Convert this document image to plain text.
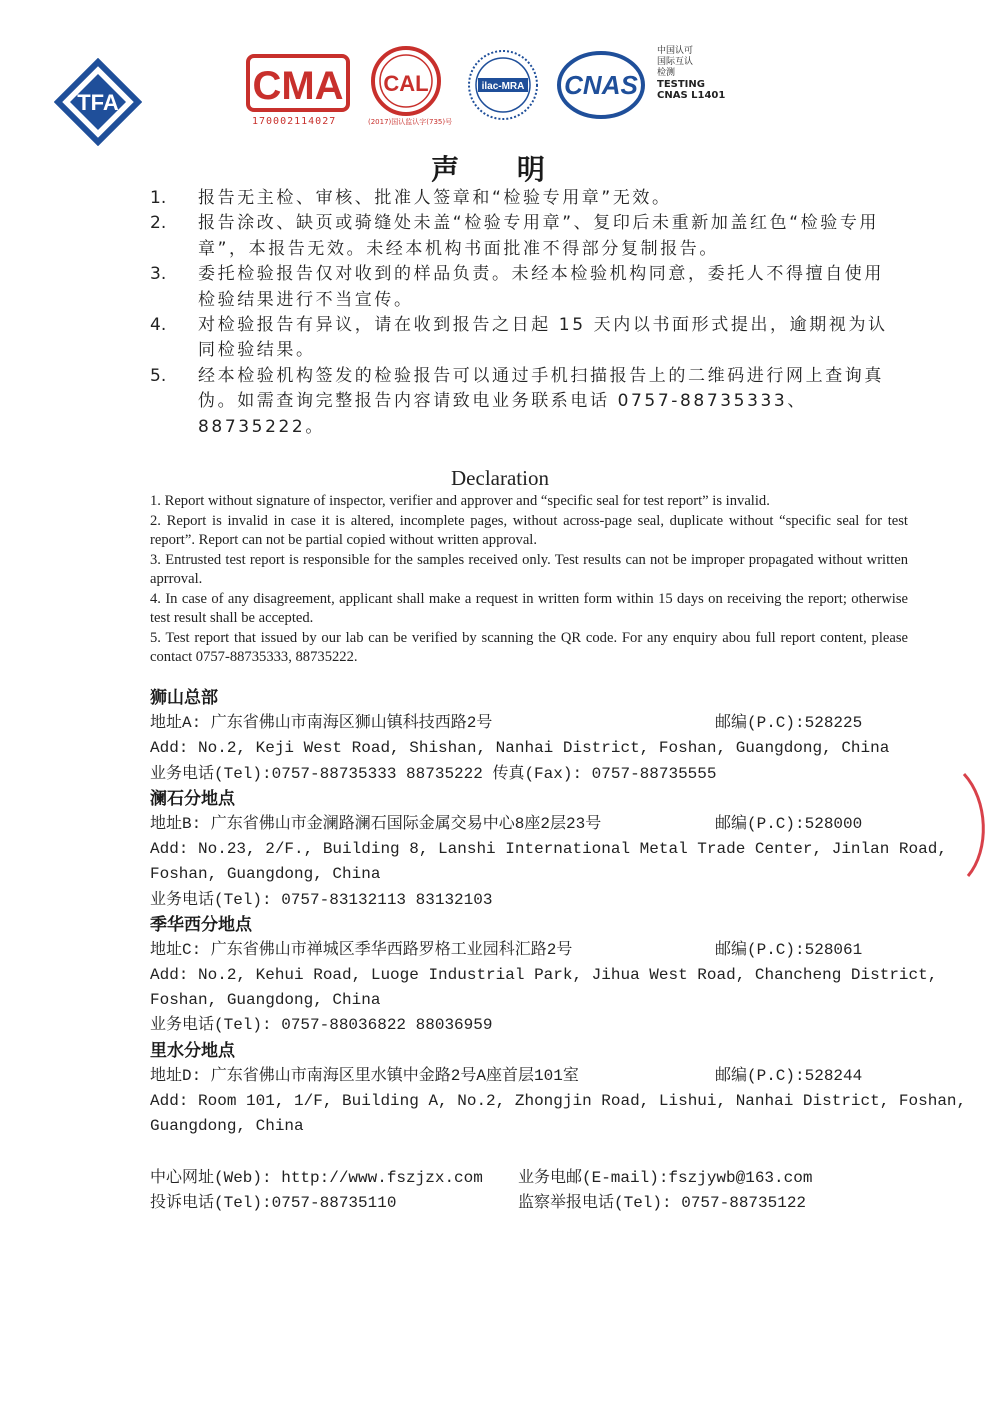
TFA	CMA
170002114027
CAL
(2017)国认监认字(735)号
ilac-MRA CNAS
中国认可
国际互认
检测
TESTING
CNAS L1401
声 明
1. 报告无主检、审核、批准人签章和“检验专用章”无效。
2. 报告涂改、缺页或骑缝处未盖“检验专用章”、复印后未重新加盖红色“检验专用章”，本报告无效。未经本机构书面批准不得部分复制报告。
3. 委托检验报告仅对收到的样品负责。未经本检验机构同意，委托人不得擅自使用检验结果进行不当宣传。
4. 对检验报告有异议，请在收到报告之日起 15 天内以书面形式提出，逾期视为认同检验结果。
5. 经本检验机构签发的检验报告可以通过手机扫描报告上的二维码进行网上查询真伪。如需查询完整报告内容请致电业务联系电话 0757-88735333、88735222。
Declaration

1. Report without signature of inspector, verifier and approver and “specific seal for test report” is invalid.

2. Report is invalid in case it is altered, incomplete pages, without across-page seal, duplicate without “specific seal for test report”. Report can not be partial copied without written approval.

3. Entrusted test report is responsible for the samples received only. Test results can not be improper propagated without written aprroval.

4. In case of any disagreement, applicant shall make a request in written form within 15 days on receiving the report; otherwise test result shall be accepted.

5. Test report that issued by our lab can be verified by scanning the QR code. For any enquiry abou full report content, please contact 0757-88735333, 88735222.

狮山总部
地址A: 广东省佛山市南海区狮山镇科技西路2号	邮编(P.C):528225
Add: No.2, Keji West Road, Shishan, Nanhai District, Foshan, Guangdong, China
业务电话(Tel):0757-88735333 88735222 传真(Fax): 0757-88735555
澜石分地点
地址B: 广东省佛山市金澜路澜石国际金属交易中心8座2层23号	邮编(P.C):528000
Add: No.23, 2/F., Building 8, Lanshi International Metal Trade Center, Jinlan Road,
Foshan, Guangdong, China
业务电话(Tel): 0757-83132113 83132103
季华西分地点
地址C: 广东省佛山市禅城区季华西路罗格工业园科汇路2号	邮编(P.C):528061
Add: No.2, Kehui Road, Luoge Industrial Park, Jihua West Road, Chancheng District,
Foshan, Guangdong, China
业务电话(Tel): 0757-88036822 88036959
里水分地点
地址D: 广东省佛山市南海区里水镇中金路2号A座首层101室	邮编(P.C):528244
Add: Room 101, 1/F, Building A, No.2, Zhongjin Road, Lishui, Nanhai District, Foshan,
Guangdong, China
中心网址(Web): http://www.fszjzx.com 业务电邮(E-mail):fszjywb@163.com
投诉电话(Tel):0757-88735110	监察举报电话(Tel): 0757-88735122
